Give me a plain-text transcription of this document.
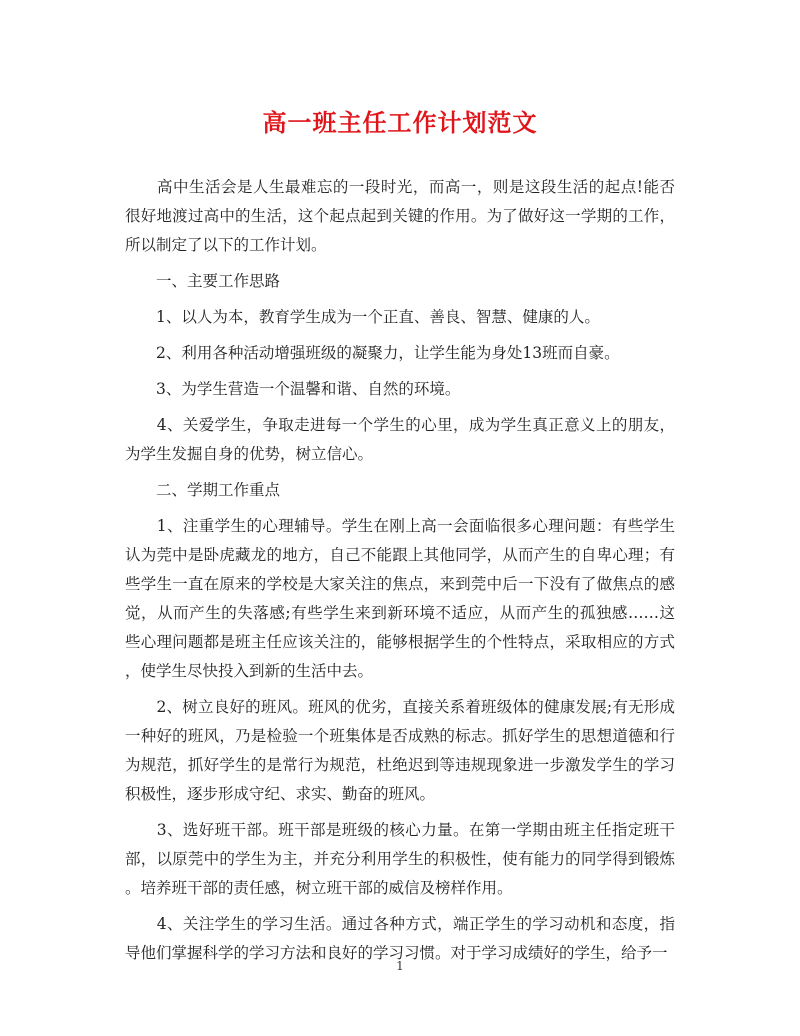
高一班主任工作计划范文
　　高中生活会是人生最难忘的一段时光，而高一，则是这段生活的起点!能否
很好地渡过高中的生活，这个起点起到关键的作用。为了做好这一学期的工作，
所以制定了以下的工作计划。
　　一、主要工作思路
　　1、以人为本，教育学生成为一个正直、善良、智慧、健康的人。
　　2、利用各种活动增强班级的凝聚力，让学生能为身处13班而自豪。
　　3、为学生营造一个温馨和谐、自然的环境。
　　4、关爱学生，争取走进每一个学生的心里，成为学生真正意义上的朋友，
为学生发掘自身的优势，树立信心。
　　二、学期工作重点
　　1、注重学生的心理辅导。学生在刚上高一会面临很多心理问题：有些学生
认为莞中是卧虎藏龙的地方，自己不能跟上其他同学，从而产生的自卑心理；有
些学生一直在原来的学校是大家关注的焦点，来到莞中后一下没有了做焦点的感
觉，从而产生的失落感;有些学生来到新环境不适应，从而产生的孤独感……这
些心理问题都是班主任应该关注的，能够根据学生的个性特点，采取相应的方式
，使学生尽快投入到新的生活中去。
　　2、树立良好的班风。班风的优劣，直接关系着班级体的健康发展;有无形成
一种好的班风，乃是检验一个班集体是否成熟的标志。抓好学生的思想道德和行
为规范，抓好学生的是常行为规范，杜绝迟到等违规现象进一步激发学生的学习
积极性，逐步形成守纪、求实、勤奋的班风。
　　3、选好班干部。班干部是班级的核心力量。在第一学期由班主任指定班干
部，以原莞中的学生为主，并充分利用学生的积极性，使有能力的同学得到锻炼
。培养班干部的责任感，树立班干部的威信及榜样作用。
　　4、关注学生的学习生活。通过各种方式，端正学生的学习动机和态度，指
导他们掌握科学的学习方法和良好的学习习惯。对于学习成绩好的学生，给予一
1
